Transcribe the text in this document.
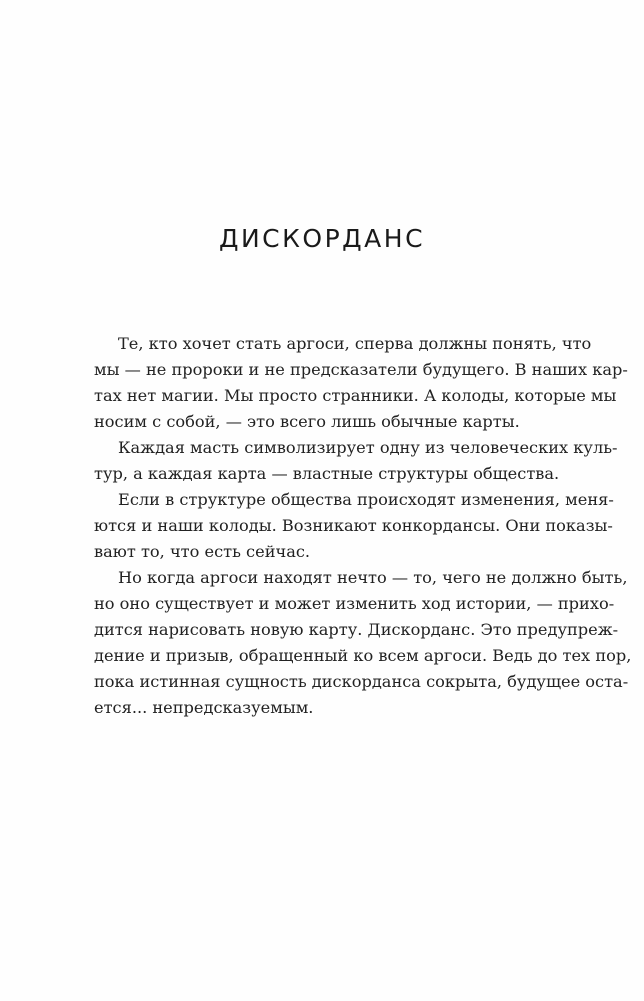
ДИСКОРДАНС
Те, кто хочет стать аргоси, сперва должны понять, что
мы — не пророки и не предсказатели будущего. В наших кар-
тах нет магии. Мы просто странники. А колоды, которые мы
носим с собой, — это всего лишь обычные карты.
Каждая масть символизирует одну из человеческих куль-
тур, а каждая карта — властные структуры общества.
Если в структуре общества происходят изменения, меня-
ются и наши колоды. Возникают конкордансы. Они показы-
вают то, что есть сейчас.
Но когда аргоси находят нечто — то, чего не должно быть,
но оно существует и может изменить ход истории, — прихо-
дится нарисовать новую карту. Дискорданс. Это предупреж-
дение и призыв, обращенный ко всем аргоси. Ведь до тех пор,
пока истинная сущность дискорданса сокрыта, будущее оста-
ется... непредсказуемым.
